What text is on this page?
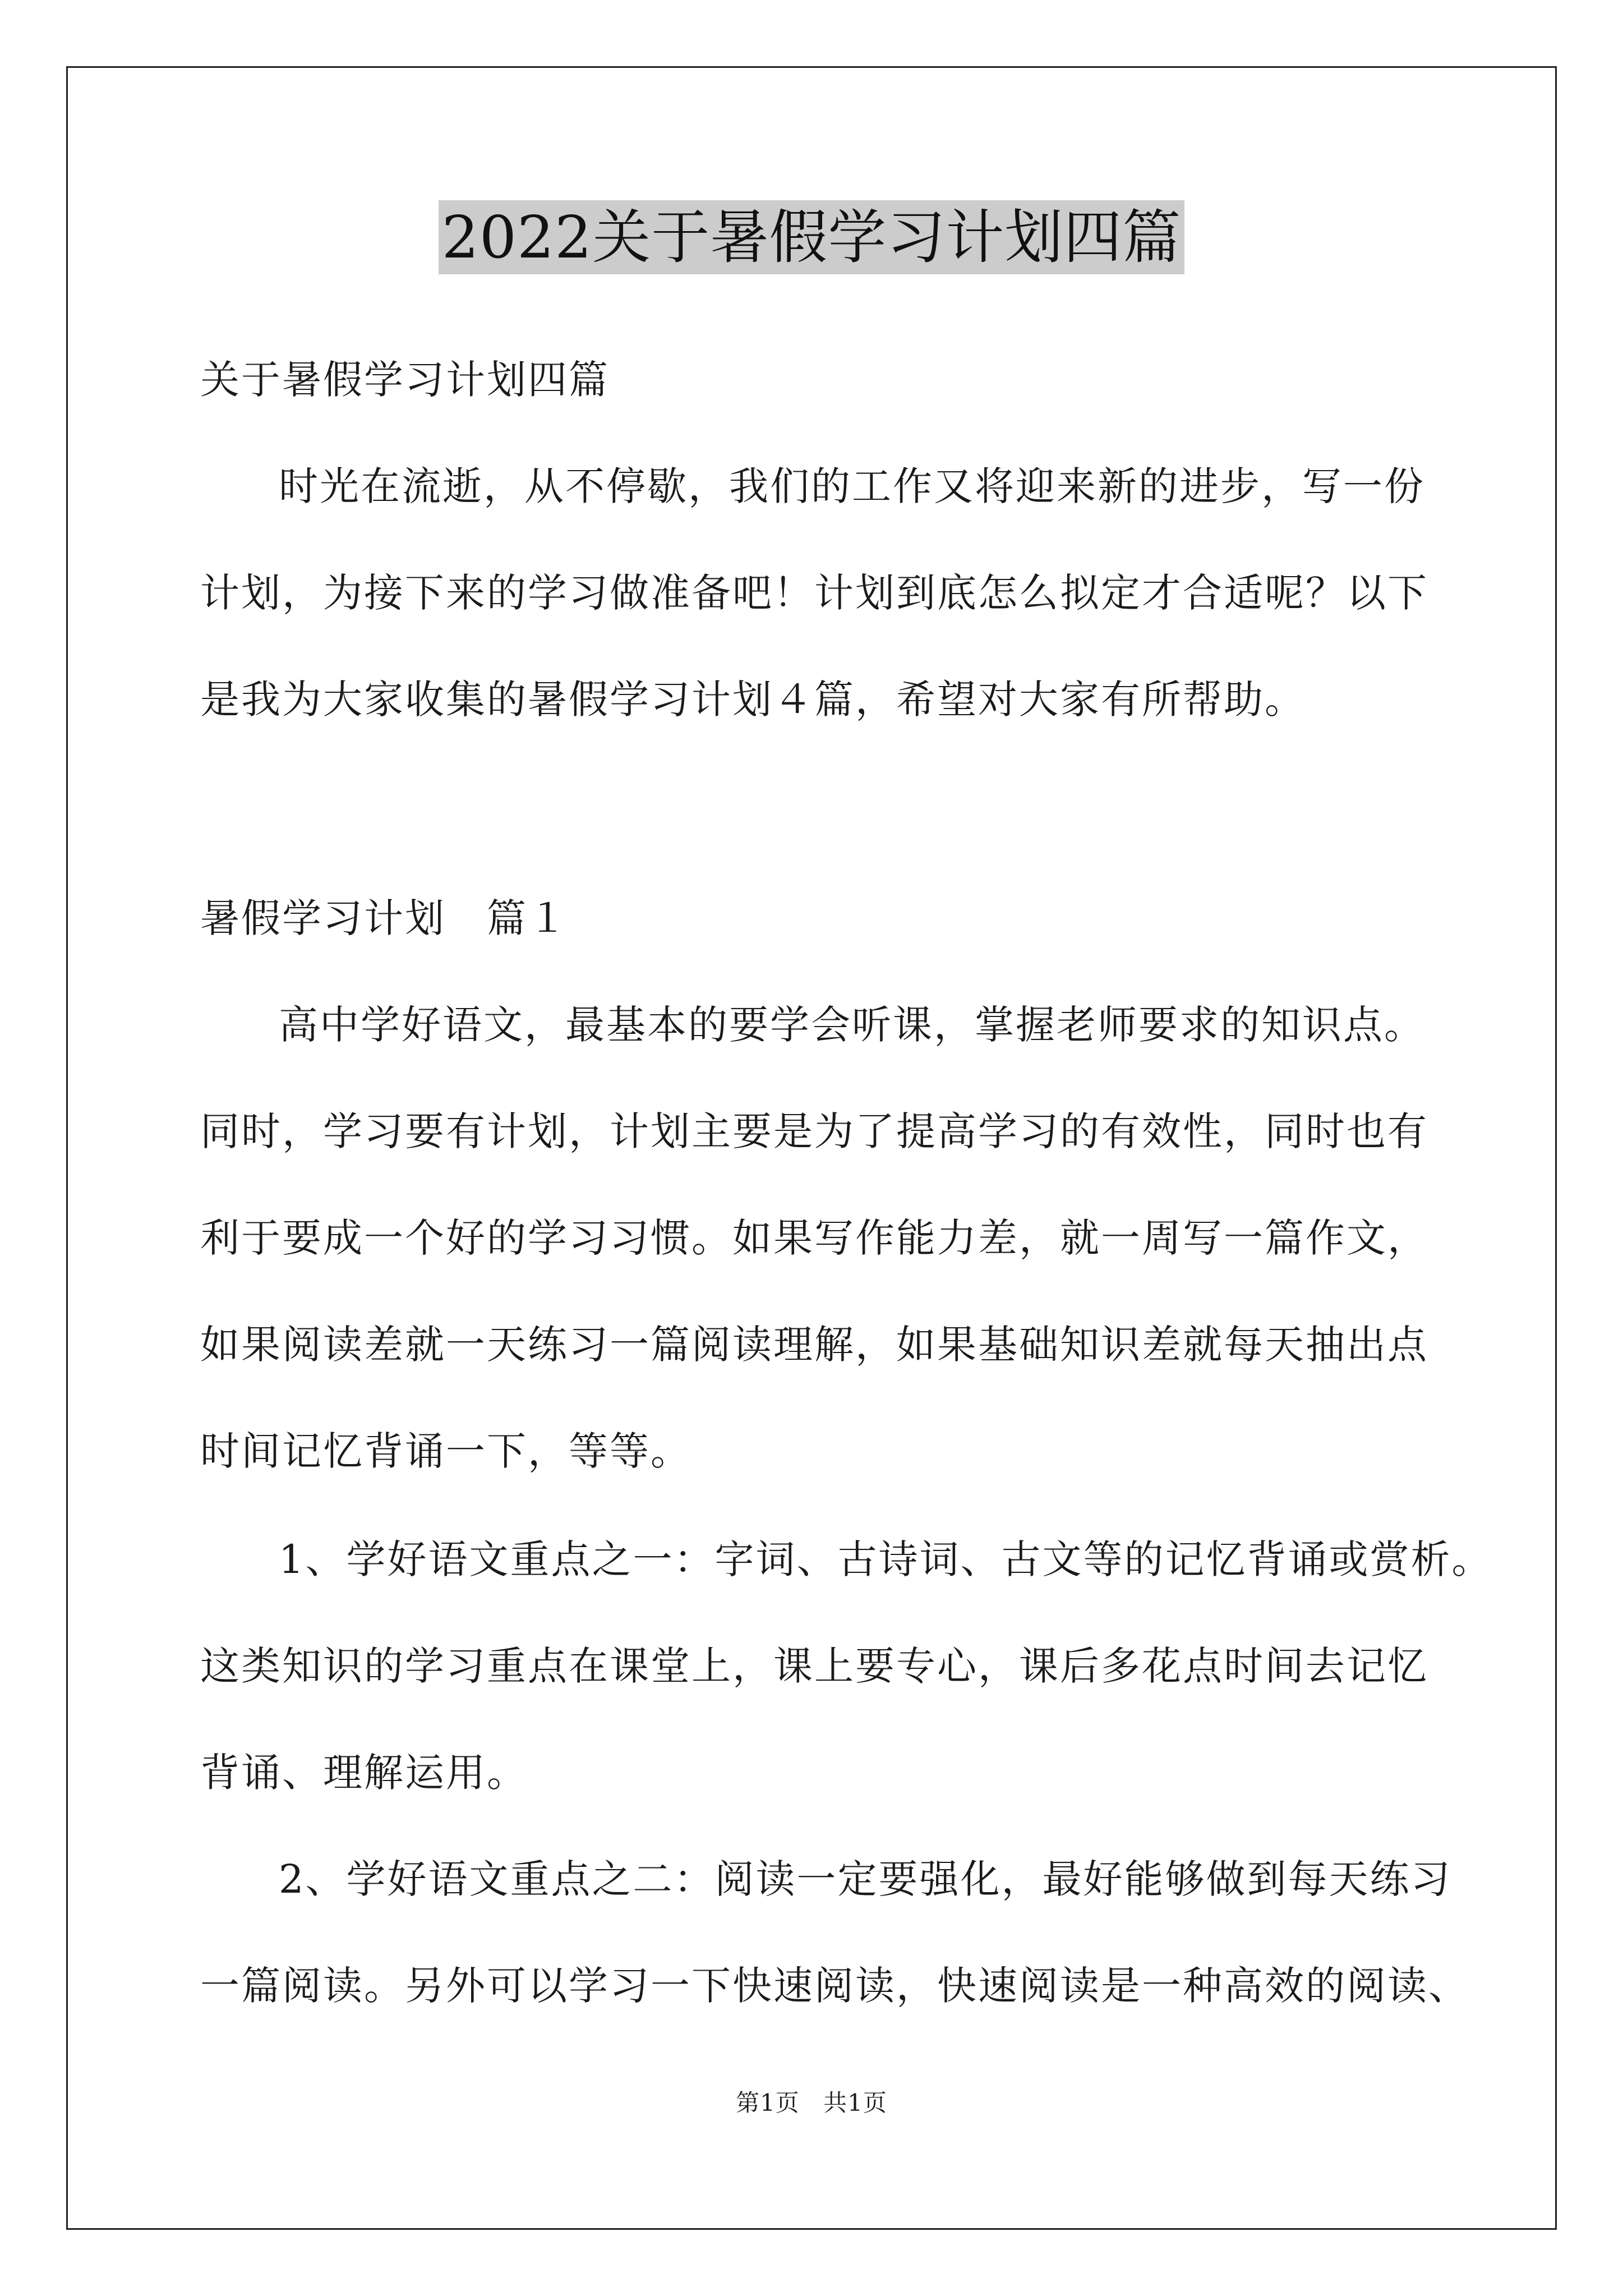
2022关于暑假学习计划四篇
关于暑假学习计划四篇
时光在流逝，从不停歇，我们的工作又将迎来新的进步，写一份
计划，为接下来的学习做准备吧！计划到底怎么拟定才合适呢？以下
是我为大家收集的暑假学习计划４篇，希望对大家有所帮助。
暑假学习计划　篇１
高中学好语文，最基本的要学会听课，掌握老师要求的知识点。
同时，学习要有计划，计划主要是为了提高学习的有效性，同时也有
利于要成一个好的学习习惯。如果写作能力差，就一周写一篇作文，
如果阅读差就一天练习一篇阅读理解，如果基础知识差就每天抽出点
时间记忆背诵一下，等等。
1、学好语文重点之一：字词、古诗词、古文等的记忆背诵或赏析。
这类知识的学习重点在课堂上，课上要专心，课后多花点时间去记忆
背诵、理解运用。
2、学好语文重点之二：阅读一定要强化，最好能够做到每天练习
一篇阅读。另外可以学习一下快速阅读，快速阅读是一种高效的阅读、
第1页 共1页
